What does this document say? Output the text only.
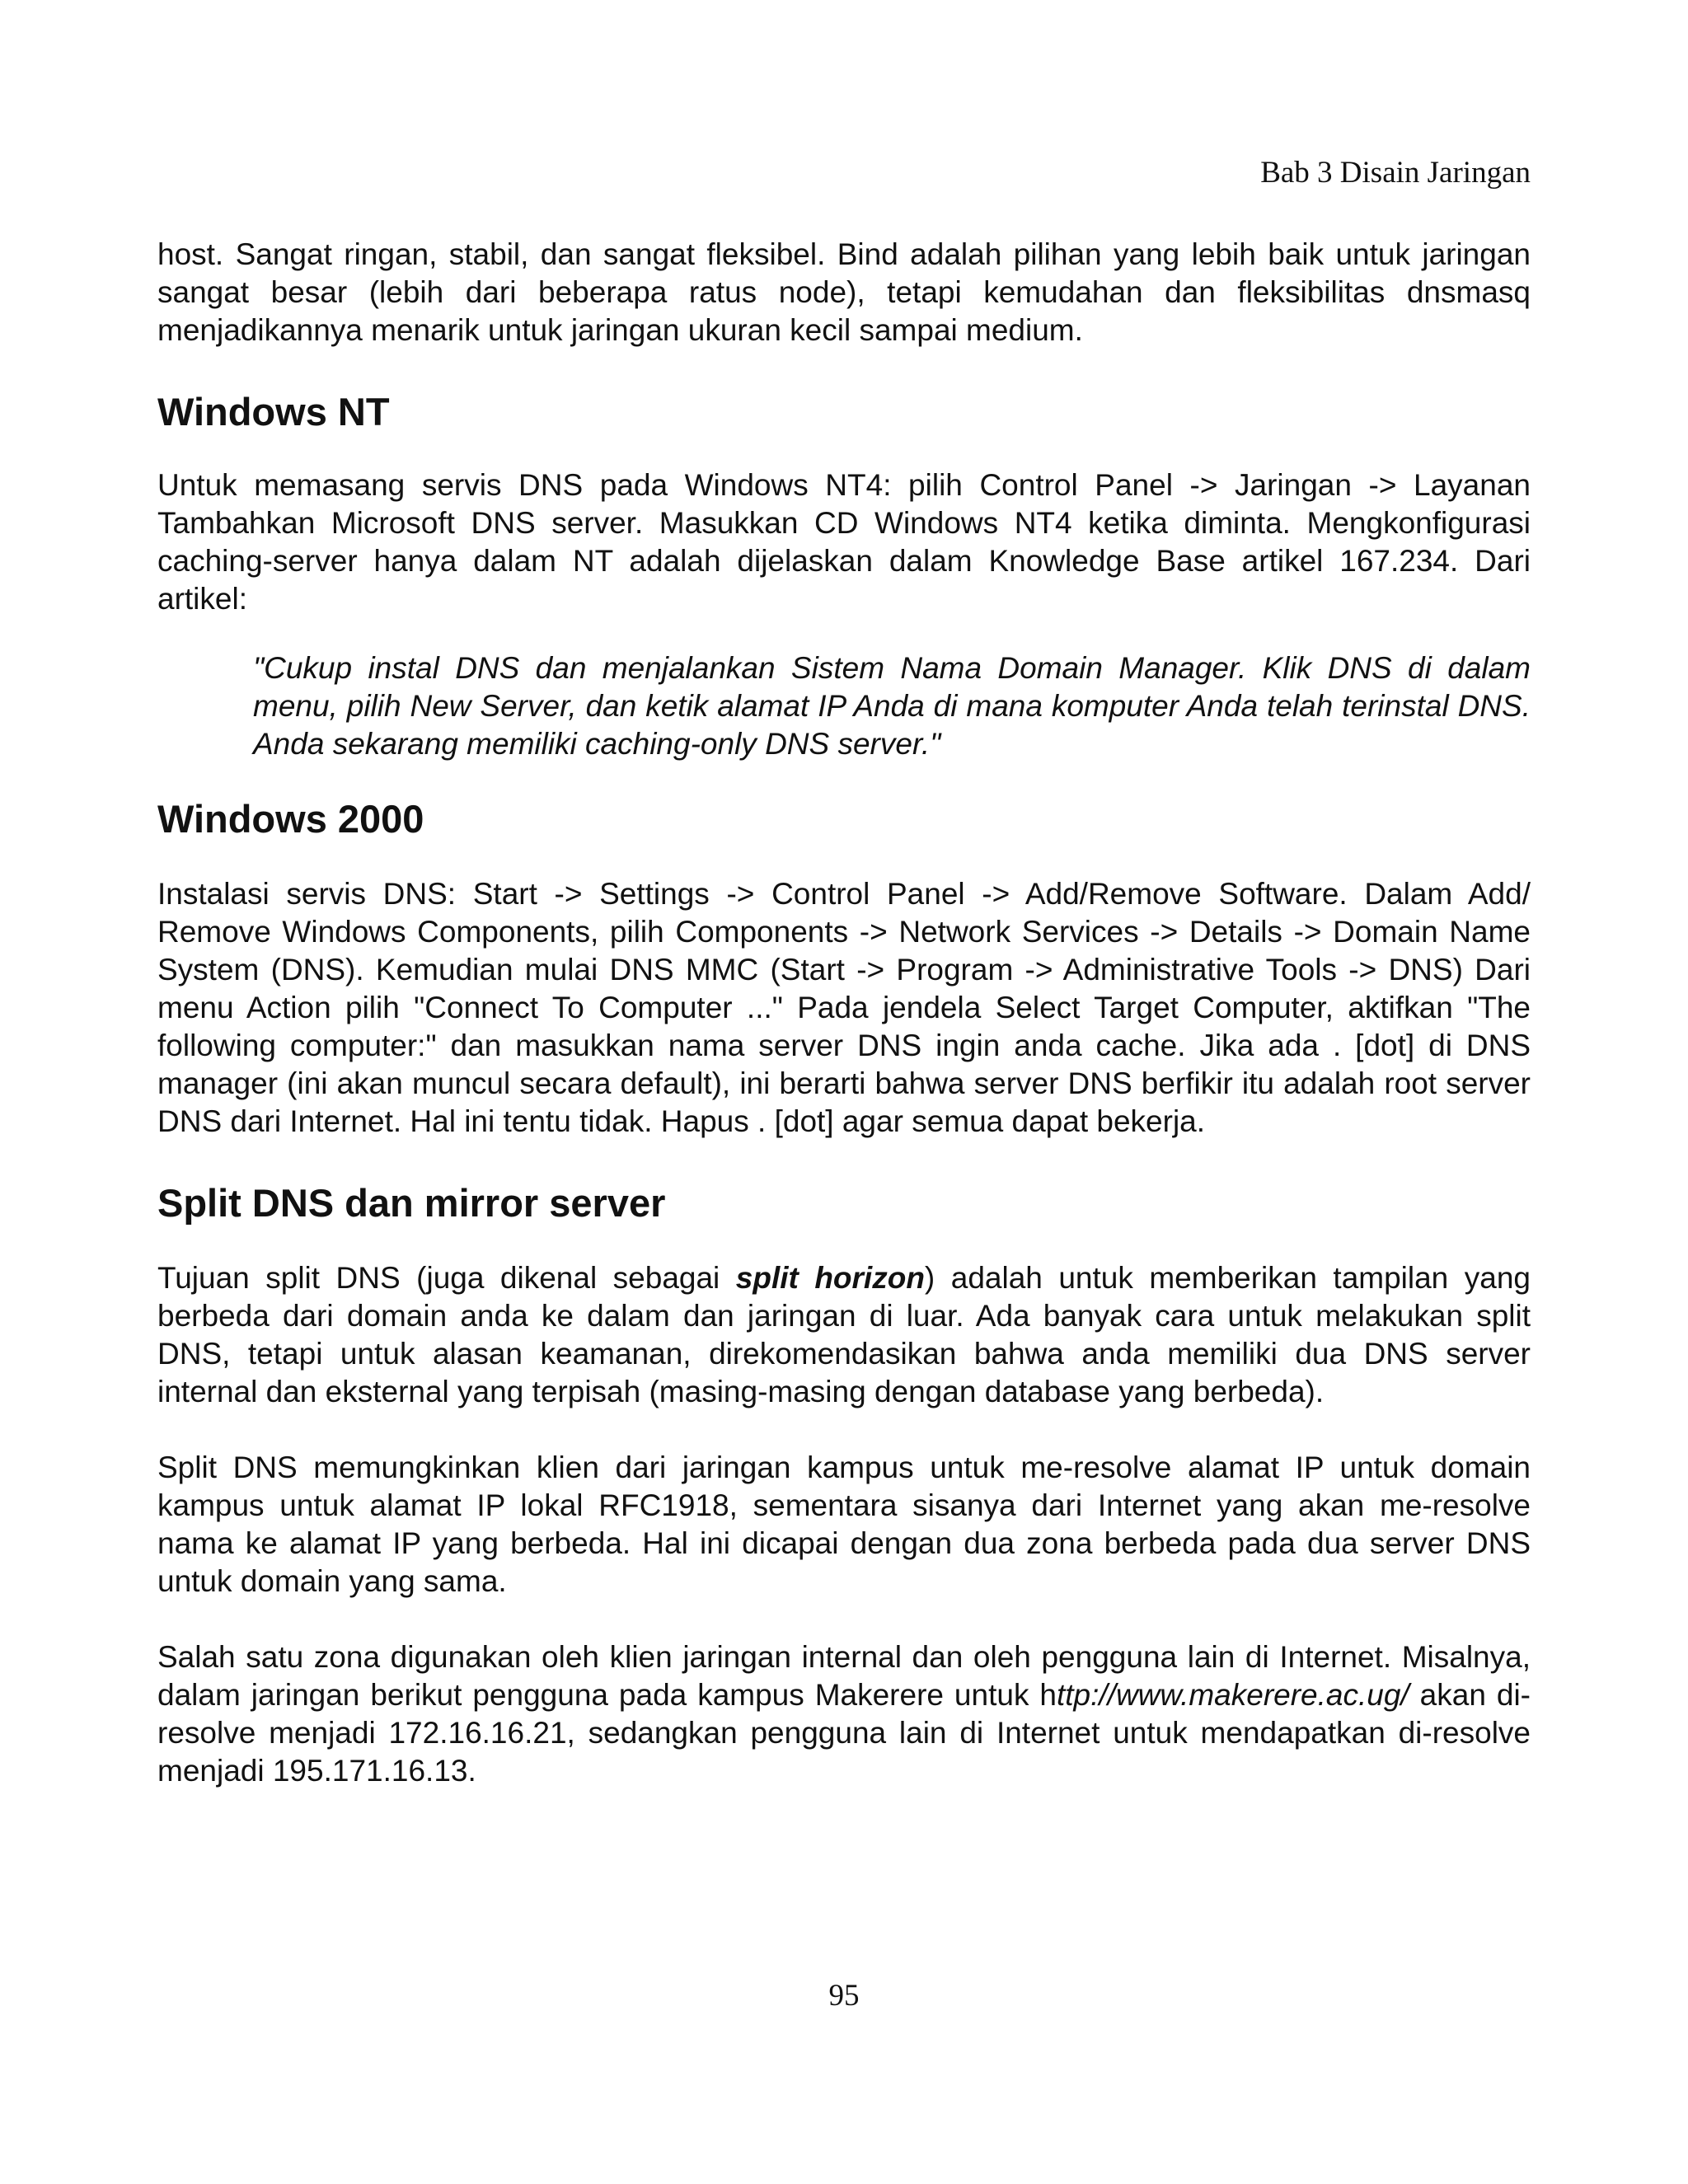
Bab 3 Disain Jaringan

host. Sangat ringan, stabil, dan sangat fleksibel. Bind adalah pilihan yang lebih baik untuk jaringan sangat besar (lebih dari beberapa ratus node), tetapi kemudahan dan fleksibilitas dnsmasq menjadikannya menarik untuk jaringan ukuran kecil sampai medium.

Windows NT

Untuk memasang servis DNS pada Windows NT4: pilih Control Panel -> Jaringan -> Layanan Tambahkan Microsoft DNS server. Masukkan CD Windows NT4 ketika diminta. Mengkonfigurasi caching-server hanya dalam NT adalah dijelaskan dalam Knowledge Base artikel 167.234. Dari artikel:

"Cukup instal DNS dan menjalankan Sistem Nama Domain Manager. Klik DNS di dalam menu, pilih New Server, dan ketik alamat IP Anda di mana komputer Anda telah terinstal DNS. Anda sekarang memiliki caching-only DNS server."

Windows 2000

Instalasi servis DNS: Start -> Settings -> Control Panel -> Add/Remove Software. Dalam Add/ Remove Windows Components, pilih Components -> Network Services -> Details -> Domain Name System (DNS). Kemudian mulai DNS MMC (Start -> Program -> Administrative Tools -> DNS) Dari menu Action pilih "Connect To Computer ..." Pada jendela Select Target Computer, aktifkan "The following computer:" dan masukkan nama server DNS ingin anda cache. Jika ada . [dot] di DNS manager (ini akan muncul secara default), ini berarti bahwa server DNS berfikir itu adalah root server DNS dari Internet. Hal ini tentu tidak. Hapus . [dot] agar semua dapat bekerja.

Split DNS dan mirror server

Tujuan split DNS (juga dikenal sebagai split horizon) adalah untuk memberikan tampilan yang berbeda dari domain anda ke dalam dan jaringan di luar. Ada banyak cara untuk melakukan split DNS, tetapi untuk alasan keamanan, direkomendasikan bahwa anda memiliki dua DNS server internal dan eksternal yang terpisah (masing-masing dengan database yang berbeda).

Split DNS memungkinkan klien dari jaringan kampus untuk me-resolve alamat IP untuk domain kampus untuk alamat IP lokal RFC1918, sementara sisanya dari Internet yang akan me-resolve nama ke alamat IP yang berbeda. Hal ini dicapai dengan dua zona berbeda pada dua server DNS untuk domain yang sama.

Salah satu zona digunakan oleh klien jaringan internal dan oleh pengguna lain di Internet. Misalnya, dalam jaringan berikut pengguna pada kampus Makerere untuk http://www.makerere.ac.ug/ akan di-resolve menjadi 172.16.16.21, sedangkan pengguna lain di Internet untuk mendapatkan di-resolve menjadi 195.171.16.13.

95
